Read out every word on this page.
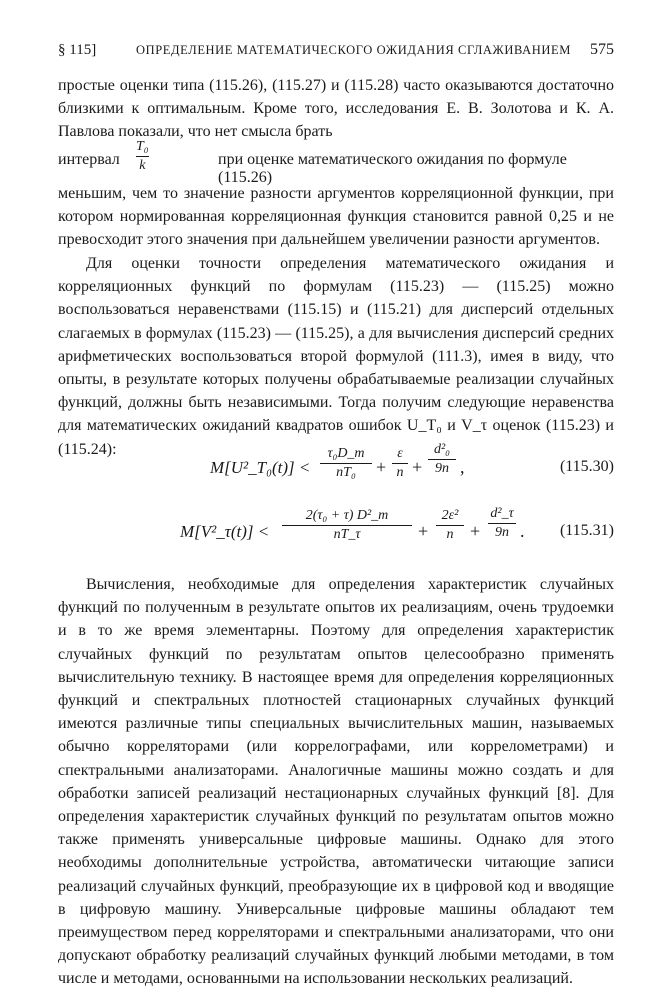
§ 115]	ОПРЕДЕЛЕНИЕ МАТЕМАТИЧЕСКОГО ОЖИДАНИЯ СГЛАЖИВАНИЕМ 575

простые оценки типа (115.26), (115.27) и (115.28) часто оказываются достаточно близкими к оптимальным. Кроме того, исследования Е. В. Золотова и К. А. Павлова показали, что нет смысла брать

интервал
T₀
k	при оценке математического ожидания по формуле (115.26)

меньшим, чем то значение разности аргументов корреляционной функции, при котором нормированная корреляционная функция становится равной 0,25 и не превосходит этого значения при дальнейшем увеличении разности аргументов.

Для оценки точности определения математического ожидания и корреляционных функций по формулам (115.23) — (115.25) можно воспользоваться неравенствами (115.15) и (115.21) для дисперсий отдельных слагаемых в формулах (115.23) — (115.25), а для вычисления дисперсий средних арифметических воспользоваться второй формулой (111.3), имея в виду, что опыты, в результате которых получены обрабатываемые реализации случайных функций, должны быть независимыми. Тогда получим следующие неравенства для математических ожиданий квадратов ошибок U_T₀ и V_τ оценок (115.23) и (115.24):

M[U²_T₀(t)] <
τ₀D_m
nT₀	+
ε
n +
d²₀
9n ,	(115.30)
M[V²_τ(t)] <
2(τ₀ + τ) D²_m
nT_τ	+
2ε²
n +
d²_τ
9n . (115.31)

Вычисления, необходимые для определения характеристик случайных функций по полученным в результате опытов их реализациям, очень трудоемки и в то же время элементарны. Поэтому для определения характеристик случайных функций по результатам опытов целесообразно применять вычислительную технику. В настоящее время для определения корреляционных функций и спектральных плотностей стационарных случайных функций имеются различные типы специальных вычислительных машин, называемых обычно корреляторами (или коррелографами, или коррелометрами) и спектральными анализаторами. Аналогичные машины можно создать и для обработки записей реализаций нестационарных случайных функций [8]. Для определения характеристик случайных функций по результатам опытов можно также применять универсальные цифровые машины. Однако для этого необходимы дополнительные устройства, автоматически читающие записи реализаций случайных функций, преобразующие их в цифровой код и вводящие в цифровую машину. Универсальные цифровые машины обладают тем преимуществом перед корреляторами и спектральными анализаторами, что они допускают обработку реализаций случайных функций любыми методами, в том числе и методами, основанными на использовании нескольких реализаций.
